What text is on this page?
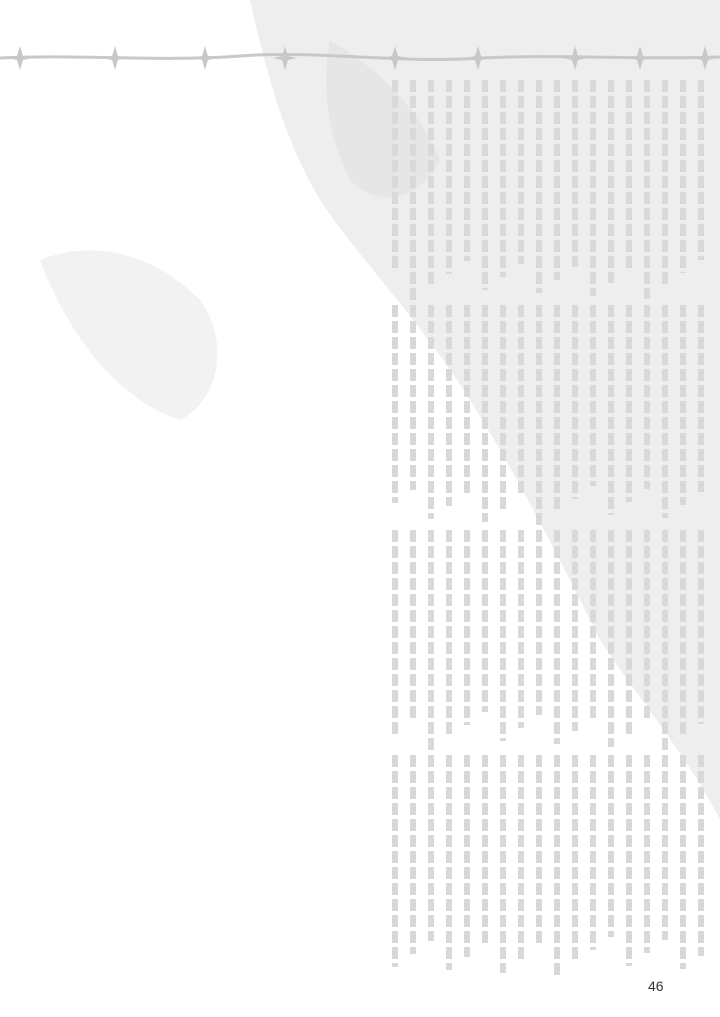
46
